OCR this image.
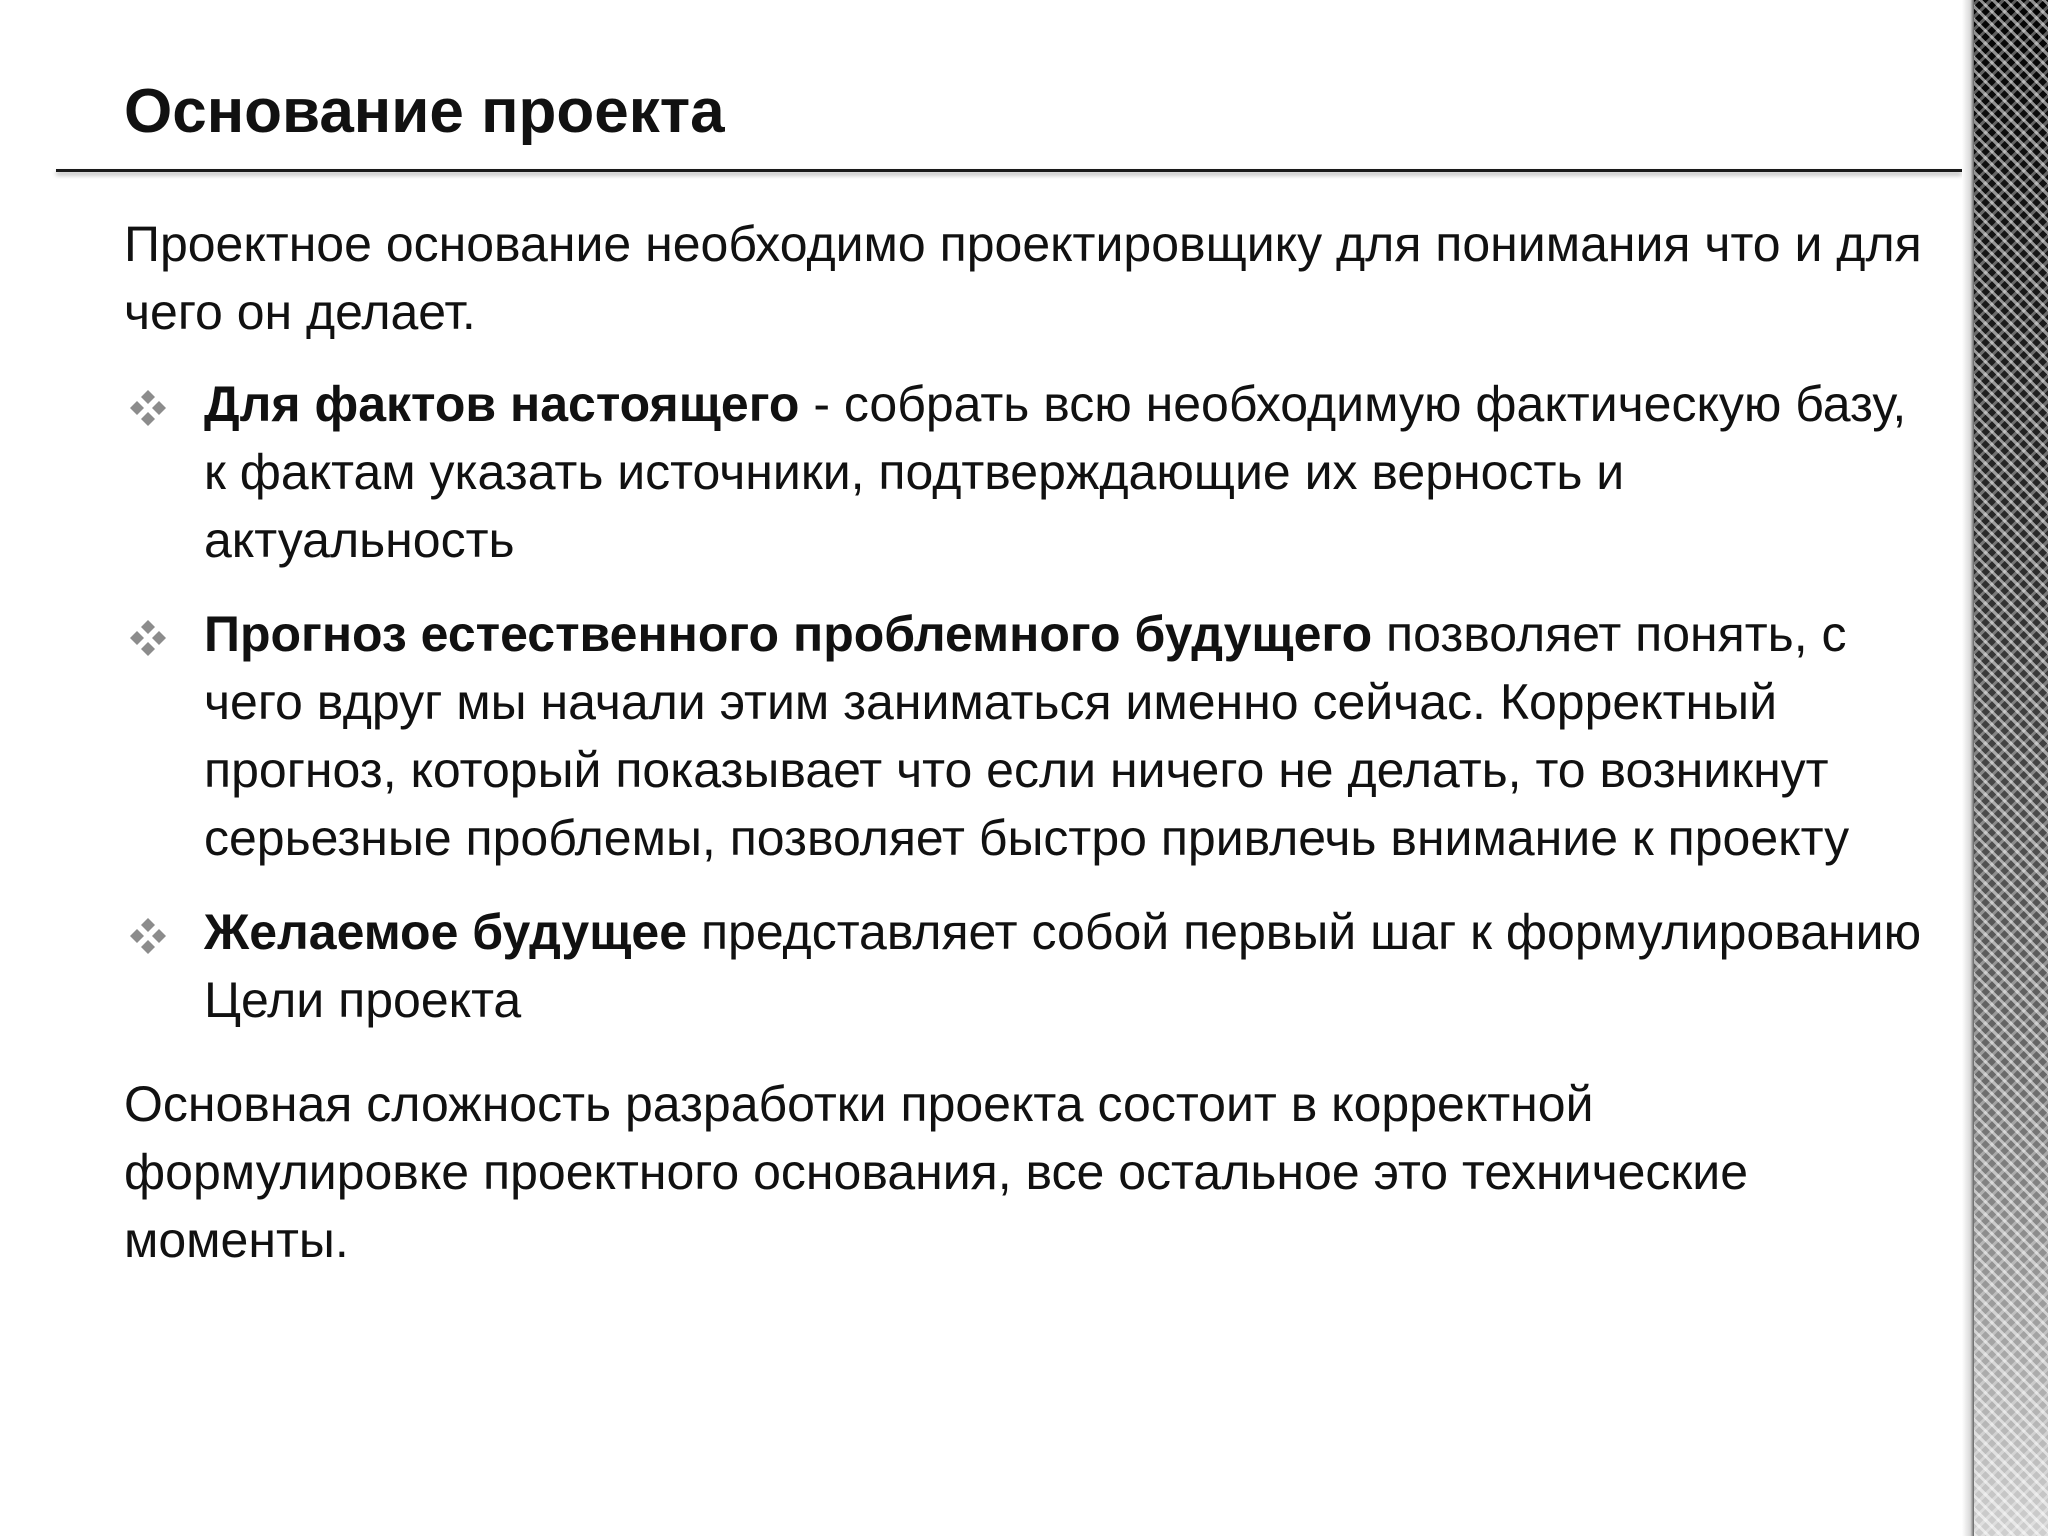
Основание проекта

Проектное основание необходимо проектировщику для понимания что и для чего он делает.

Для фактов настоящего - собрать всю необходимую фактическую базу, к фактам указать источники, подтверждающие их верность и актуальность
Прогноз естественного проблемного будущего позволяет понять, с чего вдруг мы начали этим заниматься именно сейчас. Корректный прогноз, который показывает что если ничего не делать, то возникнут серьезные проблемы, позволяет быстро привлечь внимание к проекту
Желаемое будущее представляет собой первый шаг к формулированию Цели проекта

Основная сложность разработки проекта состоит в корректной формулировке проектного основания, все остальное это технические моменты.
